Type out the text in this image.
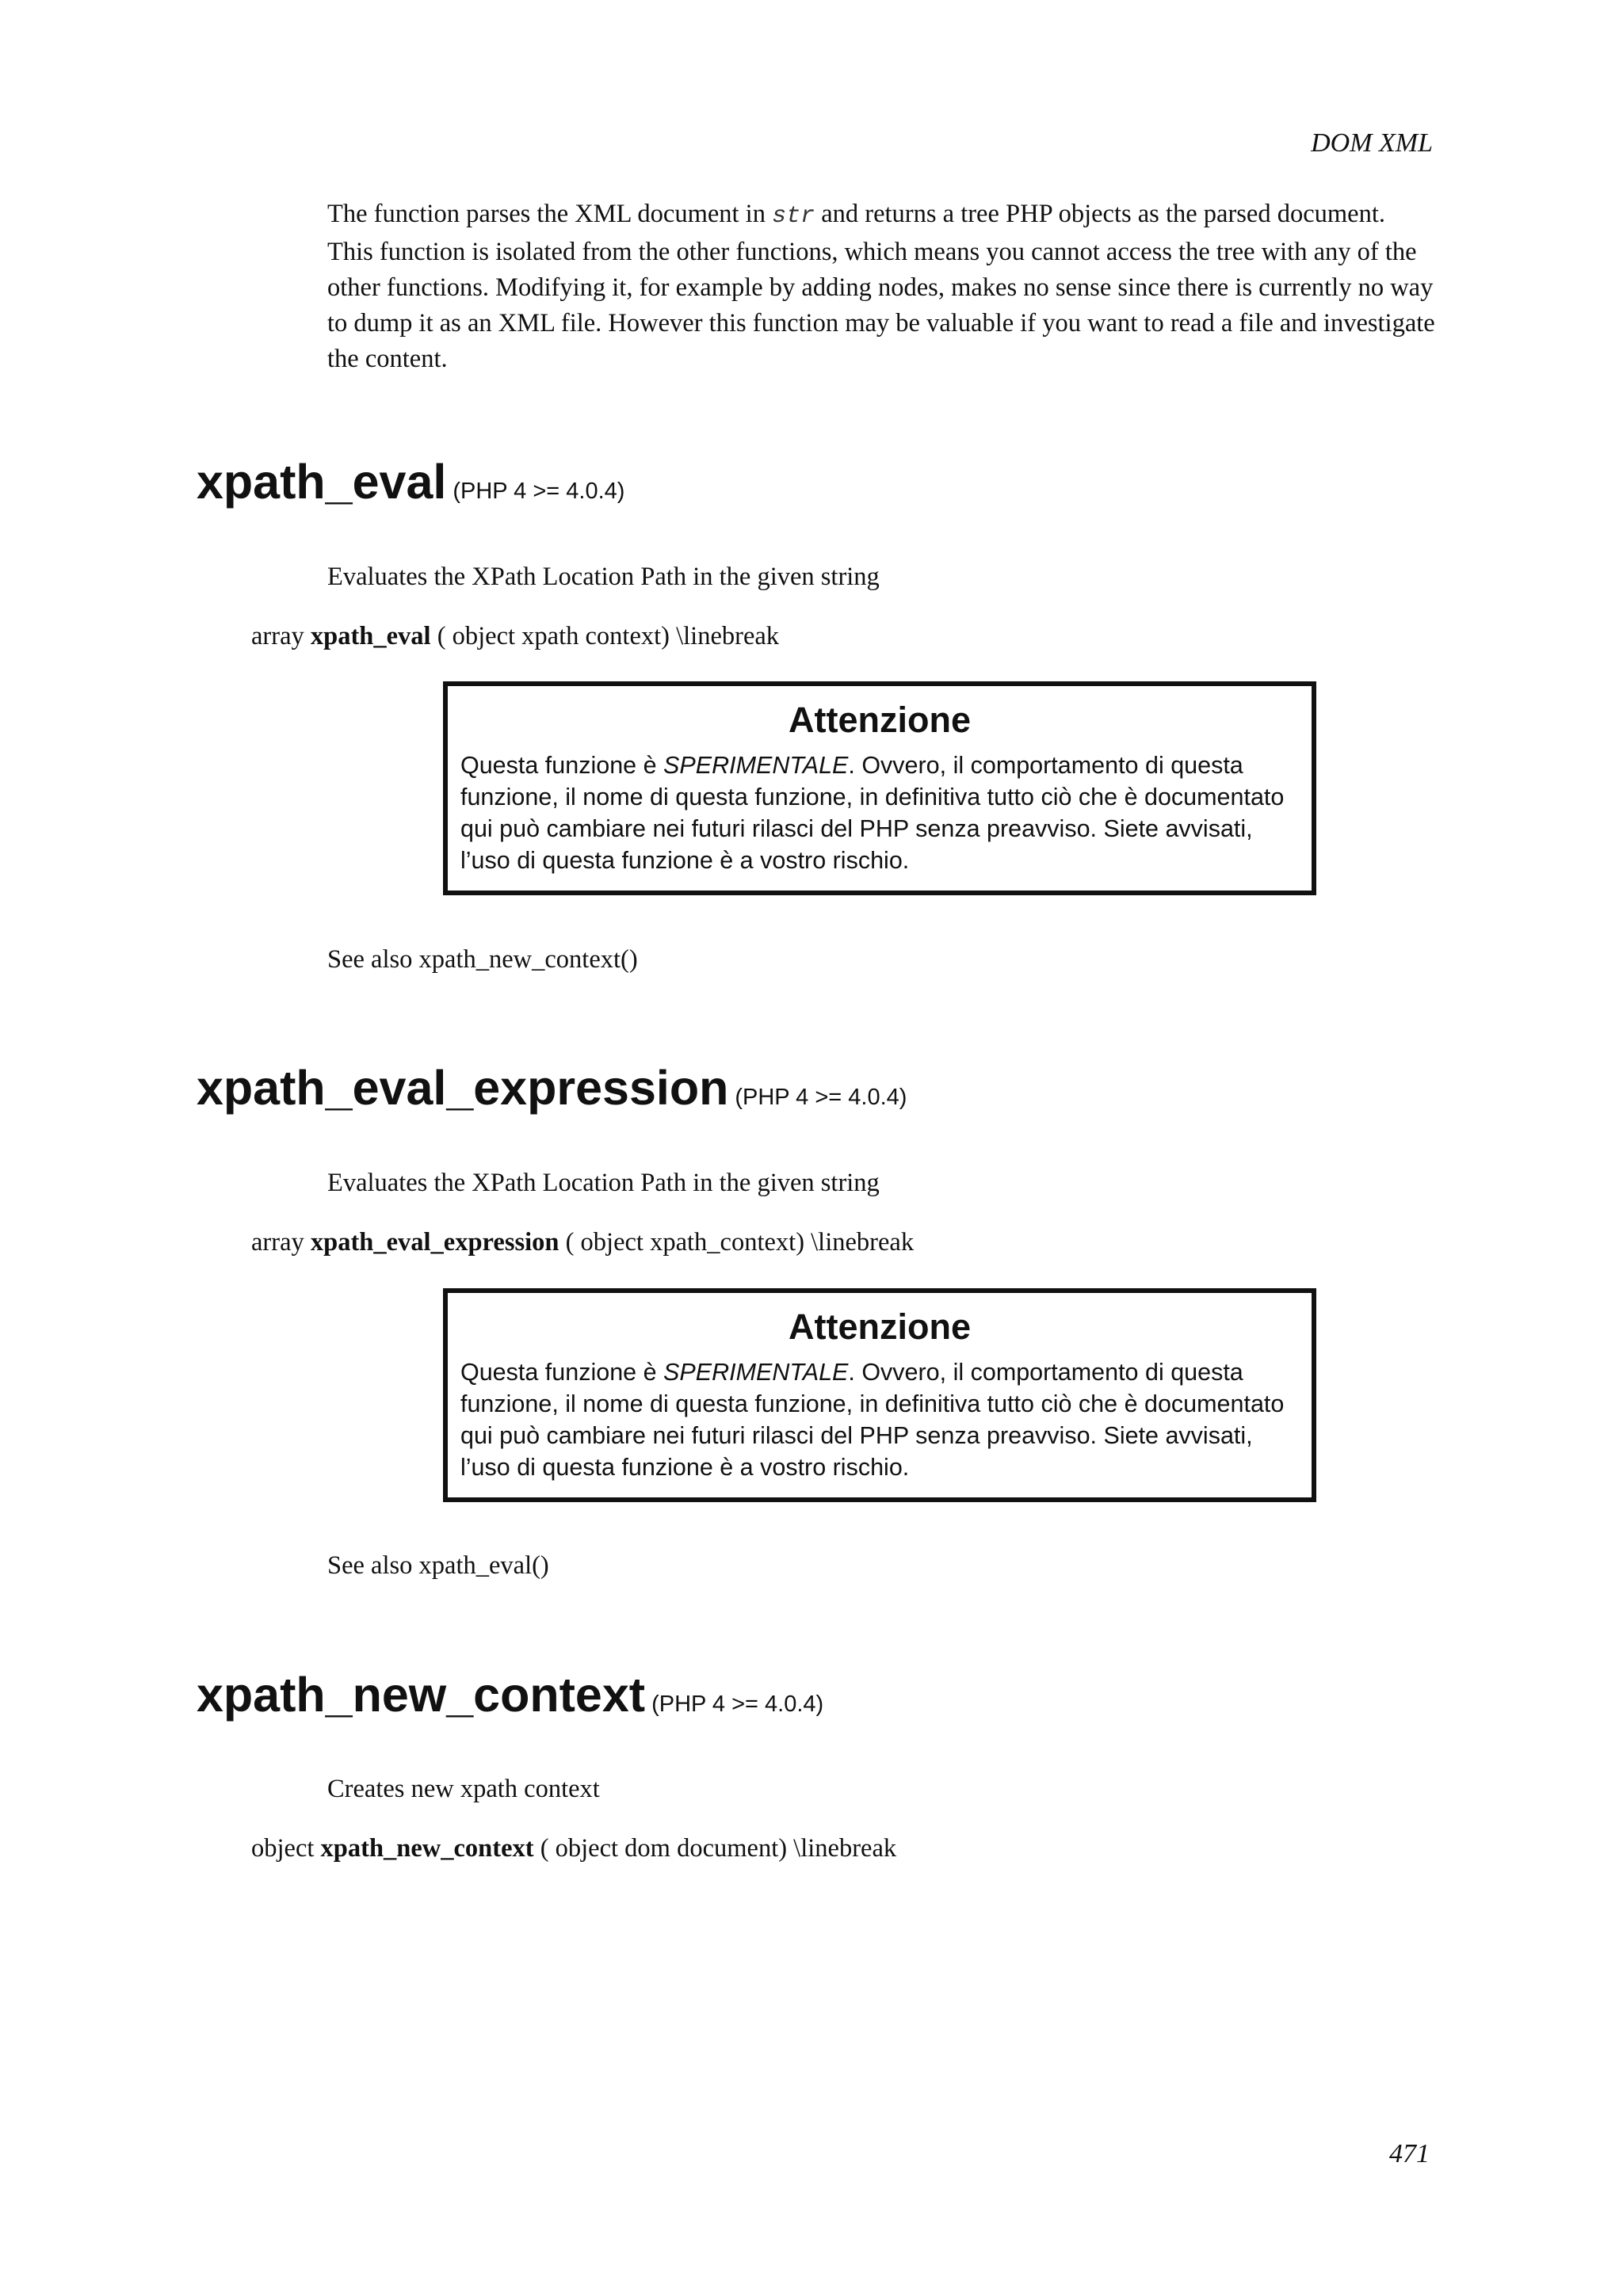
DOM XML

The function parses the XML document in str and returns a tree PHP objects as the parsed document. This function is isolated from the other functions, which means you cannot access the tree with any of the other functions. Modifying it, for example by adding nodes, makes no sense since there is currently no way to dump it as an XML file. However this function may be valuable if you want to read a file and investigate the content.

xpath_eval (PHP 4 >= 4.0.4)

Evaluates the XPath Location Path in the given string

array xpath_eval ( object xpath context) \linebreak

Attenzione

Questa funzione è SPERIMENTALE. Ovvero, il comportamento di questa funzione, il nome di questa funzione, in definitiva tutto ciò che è documentato qui può cambiare nei futuri rilasci del PHP senza preavviso. Siete avvisati, l’uso di questa funzione è a vostro rischio.

See also xpath_new_context()

xpath_eval_expression (PHP 4 >= 4.0.4)

Evaluates the XPath Location Path in the given string

array xpath_eval_expression ( object xpath_context) \linebreak

Attenzione

Questa funzione è SPERIMENTALE. Ovvero, il comportamento di questa funzione, il nome di questa funzione, in definitiva tutto ciò che è documentato qui può cambiare nei futuri rilasci del PHP senza preavviso. Siete avvisati, l’uso di questa funzione è a vostro rischio.

See also xpath_eval()

xpath_new_context (PHP 4 >= 4.0.4)

Creates new xpath context

object xpath_new_context ( object dom document) \linebreak

471
